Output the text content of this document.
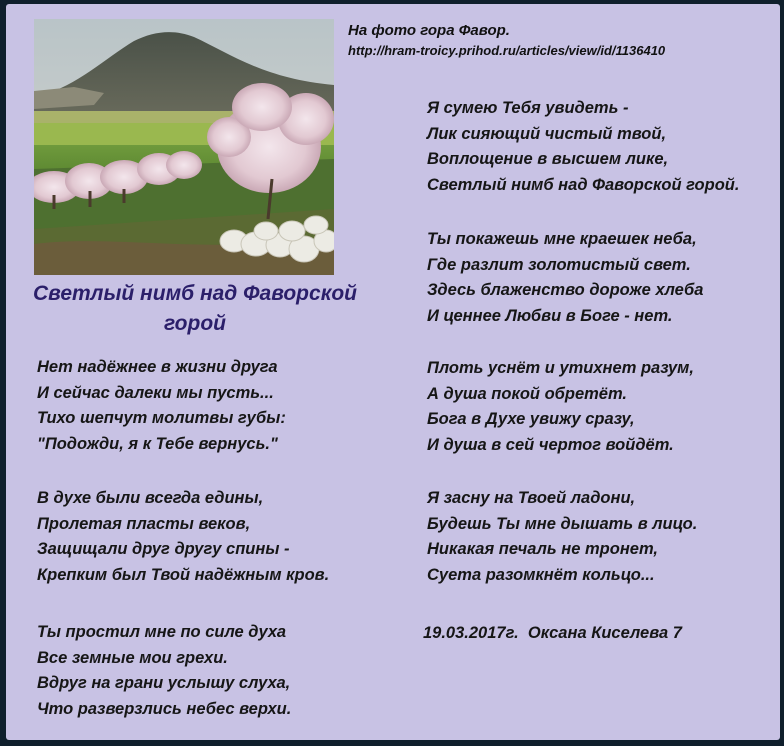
На фото гора Фавор.
http://hram-troicy.prihod.ru/articles/view/id/1136410
Светлый нимб над Фаворской
горой
Нет надёжнее в жизни друга
И сейчас далеки мы пусть...
Тихо шепчут молитвы губы:
"Подожди, я к Тебе вернусь."
В духе были всегда едины,
Пролетая пласты веков,
Защищали друг другу спины -
Крепким был Твой надёжным кров.
Ты простил мне по силе духа
Все земные мои грехи.
Вдруг на грани услышу слуха,
Что разверзлись небес верхи.
Я сумею Тебя увидеть -
Лик сияющий чистый твой,
Воплощение в высшем лике,
Светлый нимб над Фаворской горой.
Ты покажешь мне краешек неба,
Где разлит золотистый свет.
Здесь блаженство дороже хлеба
И ценнее Любви в Боге - нет.
Плоть уснёт и утихнет разум,
А душа покой обретёт.
Бога в Духе увижу сразу,
И душа в сей чертог войдёт.
Я засну на Твоей ладони,
Будешь Ты мне дышать в лицо.
Никакая печаль не тронет,
Суета разомкнёт кольцо...
19.03.2017г.  Оксана Киселева 7
